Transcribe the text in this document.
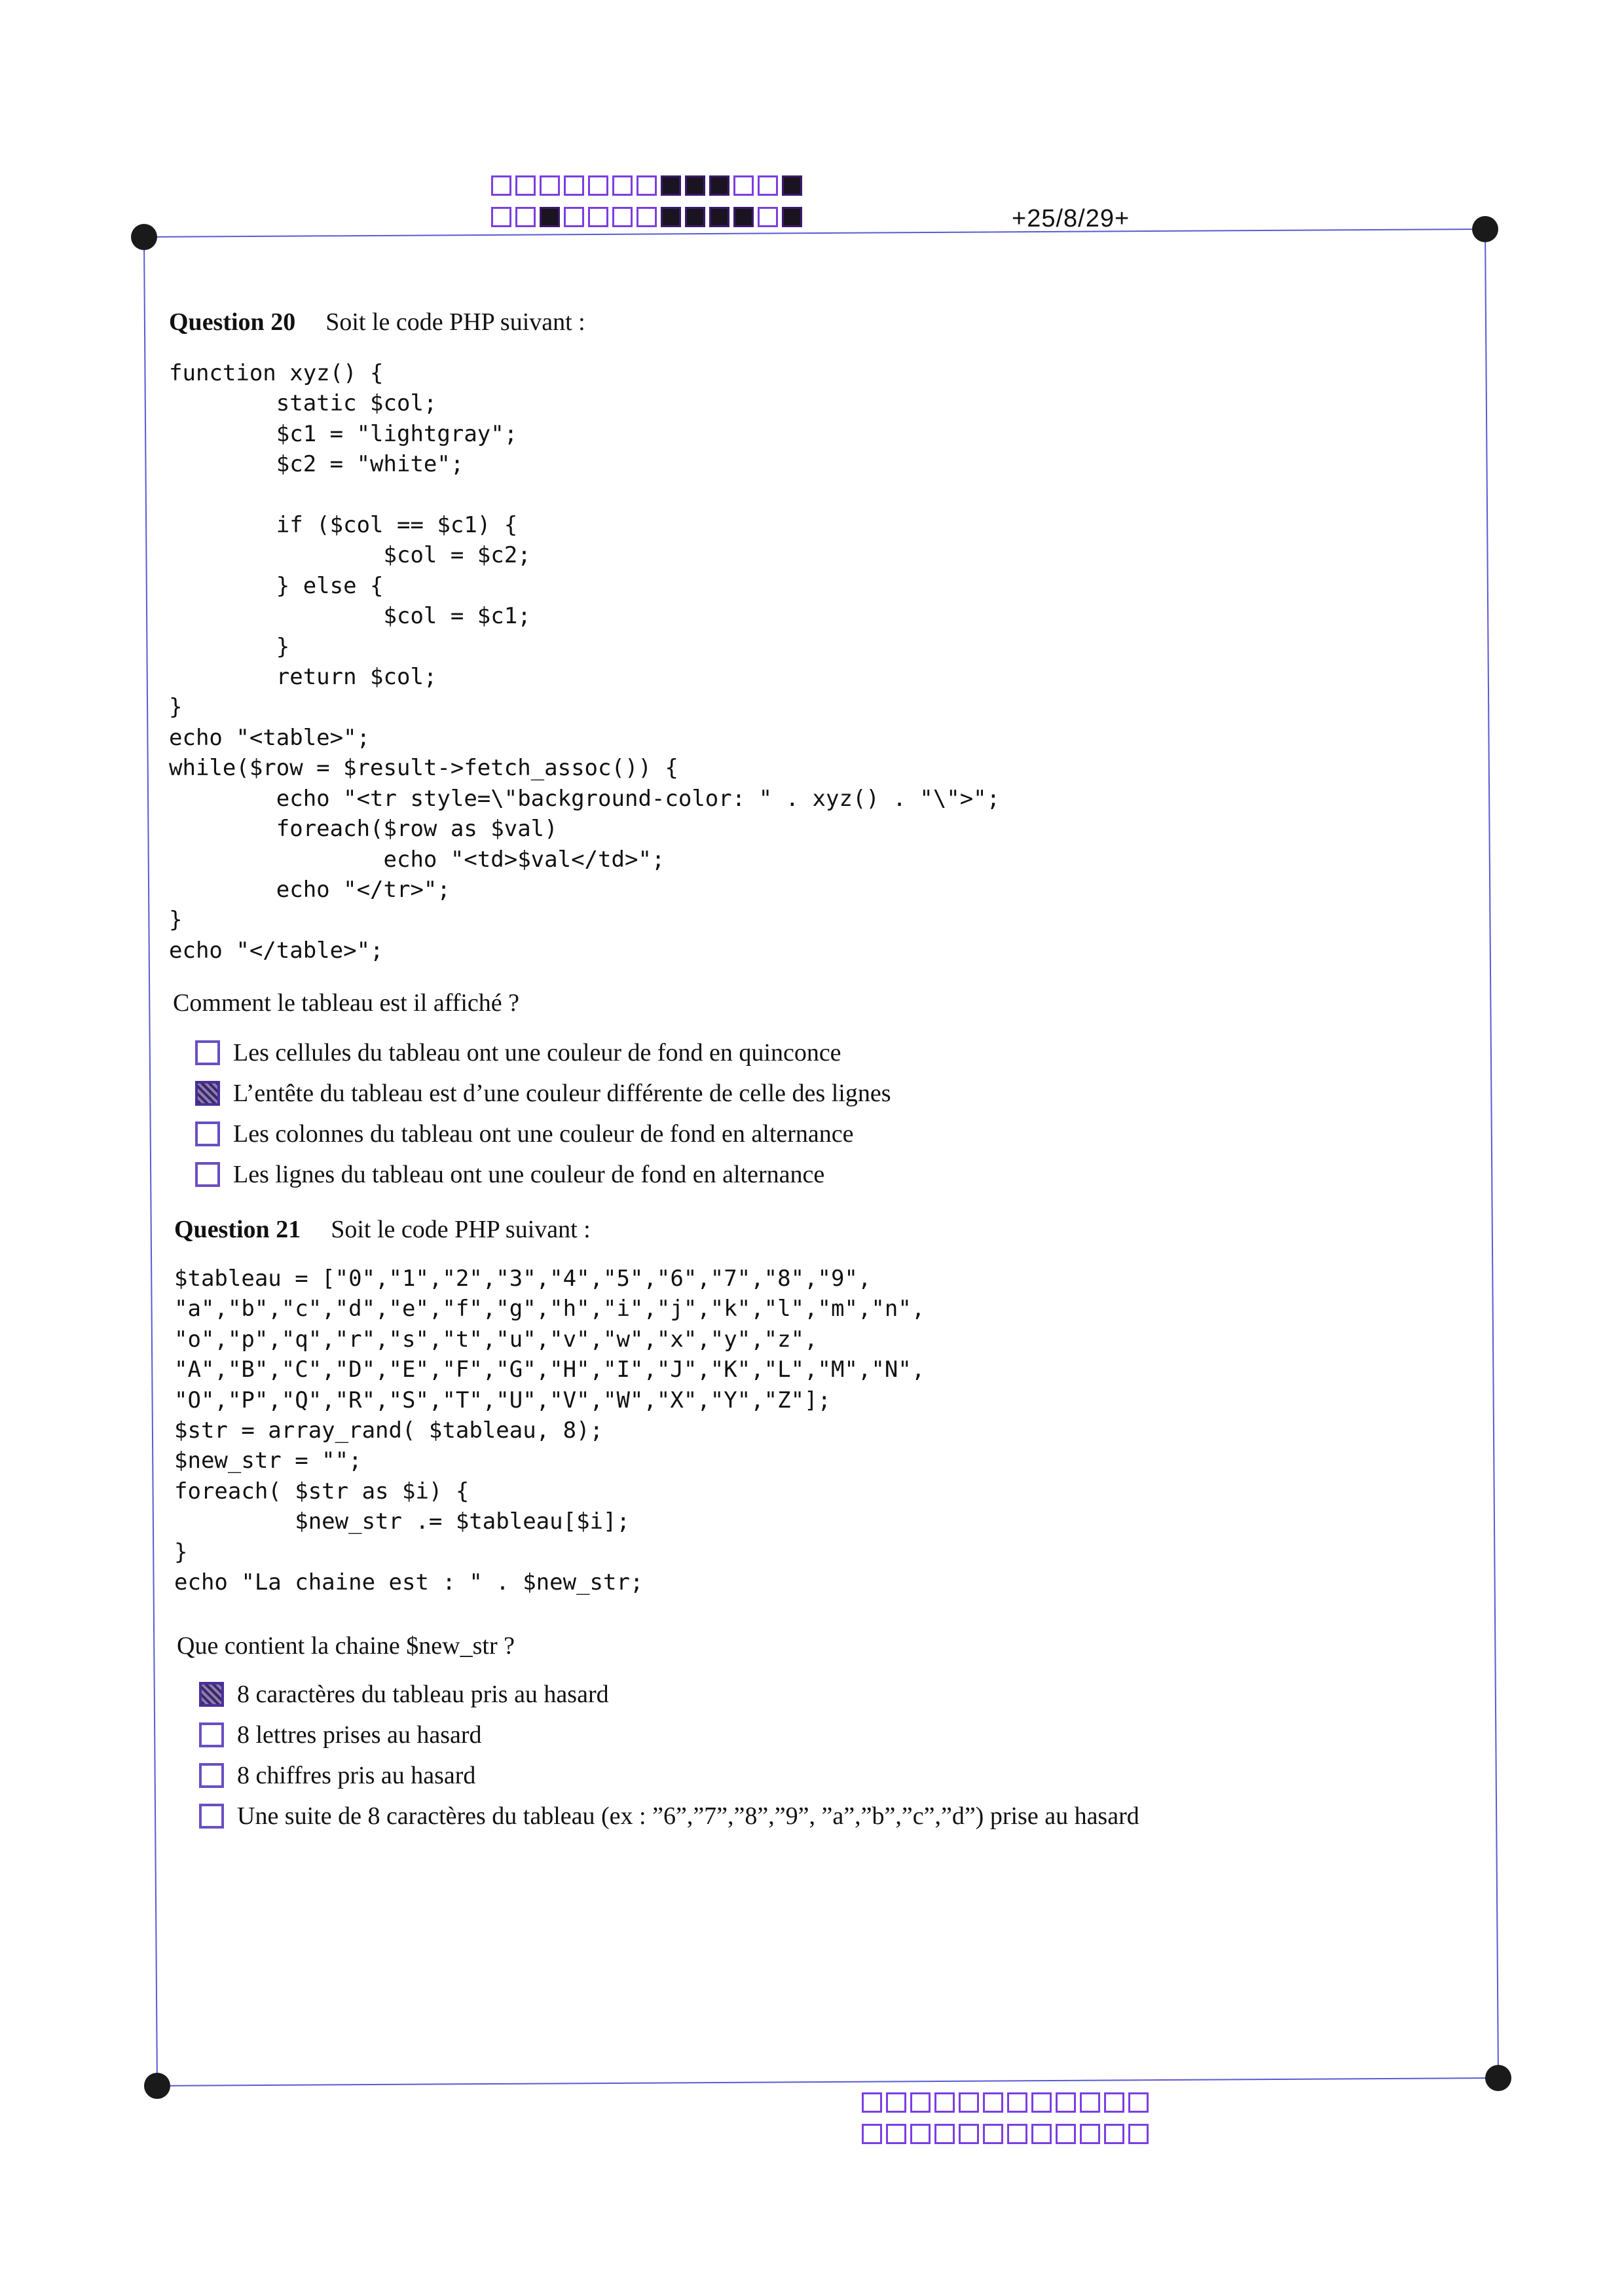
+25/8/29+
Question 20 Soit le code PHP suivant :
function xyz() {
static $col;
$c1 = "lightgray";
$c2 = "white";

if ($col == $c1) {
$col = $c2;
} else {
$col = $c1;
}
return $col;
}
echo "<table>";
while($row = $result->fetch_assoc()) {
echo "<tr style=\"background-color: " . xyz() . "\">";
foreach($row as $val)
echo "<td>$val</td>";
echo "</tr>";
}
echo "</table>";
Comment le tableau est il affiché ?
Les cellules du tableau ont une couleur de fond en quinconce
L’entête du tableau est d’une couleur différente de celle des lignes
Les colonnes du tableau ont une couleur de fond en alternance
Les lignes du tableau ont une couleur de fond en alternance
Question 21 Soit le code PHP suivant :
$tableau = ["0","1","2","3","4","5","6","7","8","9",
"a","b","c","d","e","f","g","h","i","j","k","l","m","n",
"o","p","q","r","s","t","u","v","w","x","y","z",
"A","B","C","D","E","F","G","H","I","J","K","L","M","N",
"O","P","Q","R","S","T","U","V","W","X","Y","Z"];
$str = array_rand( $tableau, 8);
$new_str = "";
foreach( $str as $i) {
$new_str .= $tableau[$i];
}
echo "La chaine est : " . $new_str;
Que contient la chaine $new_str ?
8 caractères du tableau pris au hasard
8 lettres prises au hasard
8 chiffres pris au hasard
Une suite de 8 caractères du tableau (ex : ”6”,”7”,”8”,”9”, ”a”,”b”,”c”,”d”) prise au hasard
